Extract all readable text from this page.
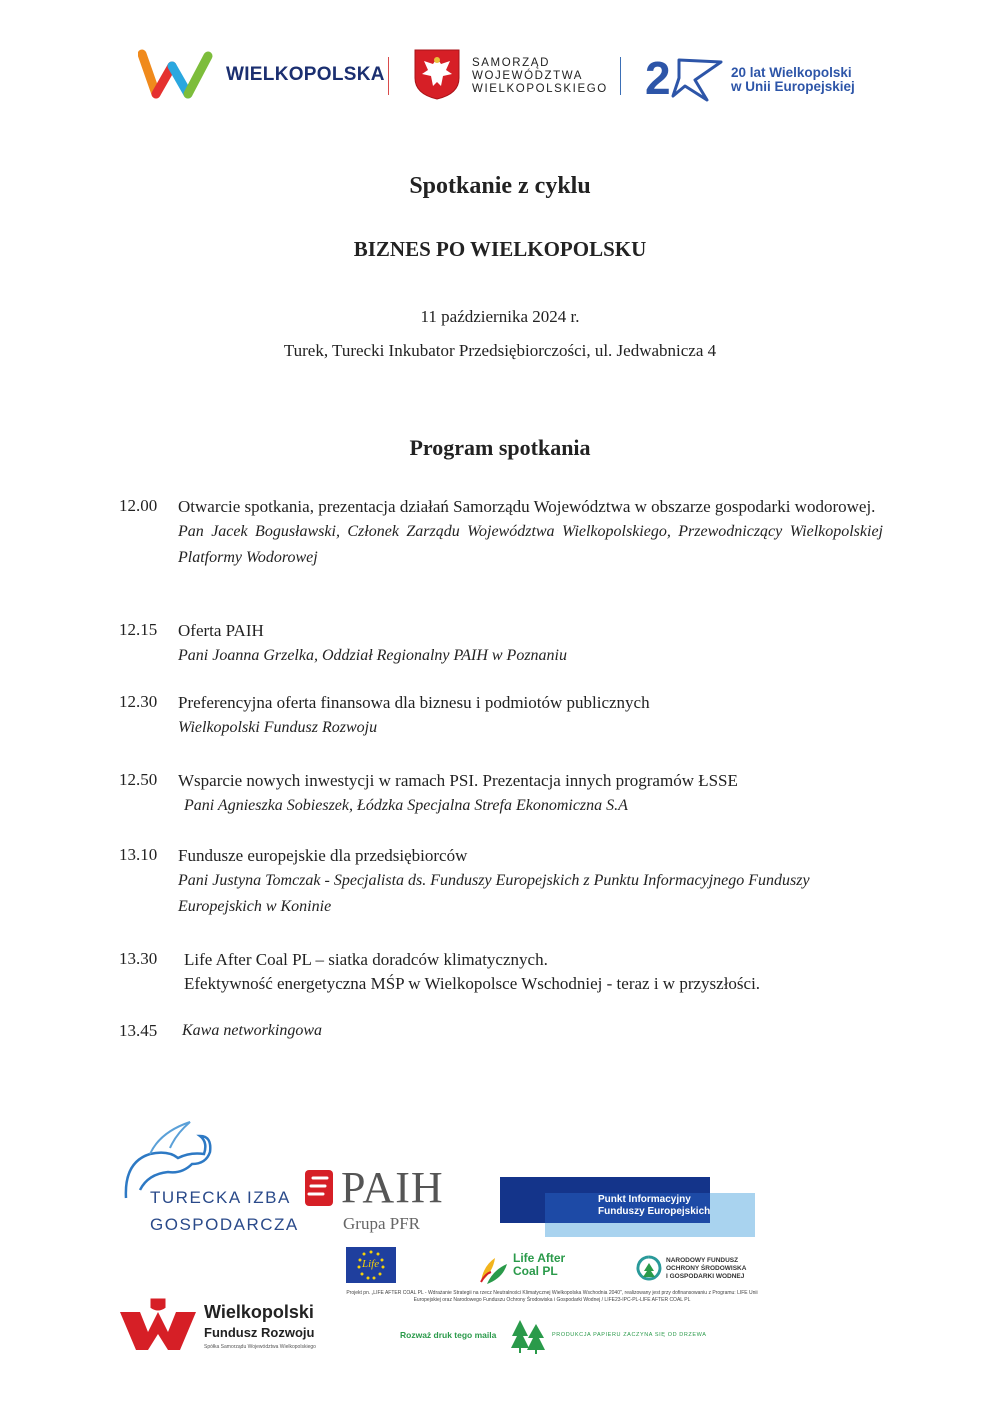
WIELKOPOLSKA
SAMORZĄD
WOJEWÓDZTWA
WIELKOPOLSKIEGO 2	20 lat Wielkopolski
w Unii Europejskiej
Spotkanie z cyklu
BIZNES PO WIELKOPOLSKU
11 października 2024 r.
Turek, Turecki Inkubator Przedsiębiorczości, ul. Jedwabnicza 4
Program spotkania
12.00 Otwarcie spotkania, prezentacja działań Samorządu Województwa w obszarze gospodarki wodorowej.
Pan Jacek Bogusławski, Członek Zarządu Województwa Wielkopolskiego, Przewodniczący Wielkopolskiej Platformy Wodorowej
12.15 Oferta PAIH
Pani Joanna Grzelka, Oddział Regionalny PAIH w Poznaniu
12.30 Preferencyjna oferta finansowa dla biznesu i podmiotów publicznych
Wielkopolski Fundusz Rozwoju
12.50 Wsparcie nowych inwestycji w ramach PSI. Prezentacja innych programów ŁSSE
Pani Agnieszka Sobieszek, Łódzka Specjalna Strefa Ekonomiczna S.A
13.10 Fundusze europejskie dla przedsiębiorców
Pani Justyna Tomczak - Specjalista ds. Funduszy Europejskich z Punktu Informacyjnego Funduszy Europejskich w Koninie
13.30 Life After Coal PL – siatka doradców klimatycznych.
Efektywność energetyczna MŚP w Wielkopolsce Wschodniej - teraz i w przyszłości.
13.45 Kawa networkingowa
TURECKA IZBA
GOSPODARCZA
PAIH
Grupa PFR
Punkt Informacyjny
Funduszy Europejskich
Life	Life After
Coal PL
NARODOWY FUNDUSZ
OCHRONY ŚRODOWISKA
I GOSPODARKI WODNEJ
Projekt pn. „LIFE AFTER COAL PL - Wdrażanie Strategii na rzecz Neutralności Klimatycznej Wielkopolska Wschodnia 2040", realizowany jest przy dofinansowaniu z Programu: LIFE Unii Europejskiej oraz Narodowego Funduszu Ochrony Środowiska i Gospodarki Wodnej / LIFE23-IPC-PL-LIFE AFTER COAL PL
Wielkopolski
Fundusz Rozwoju
Spółka Samorządu Województwa Wielkopolskiego
Rozważ druk tego maila	PRODUKCJA PAPIERU ZACZYNA SIĘ OD DRZEWA
